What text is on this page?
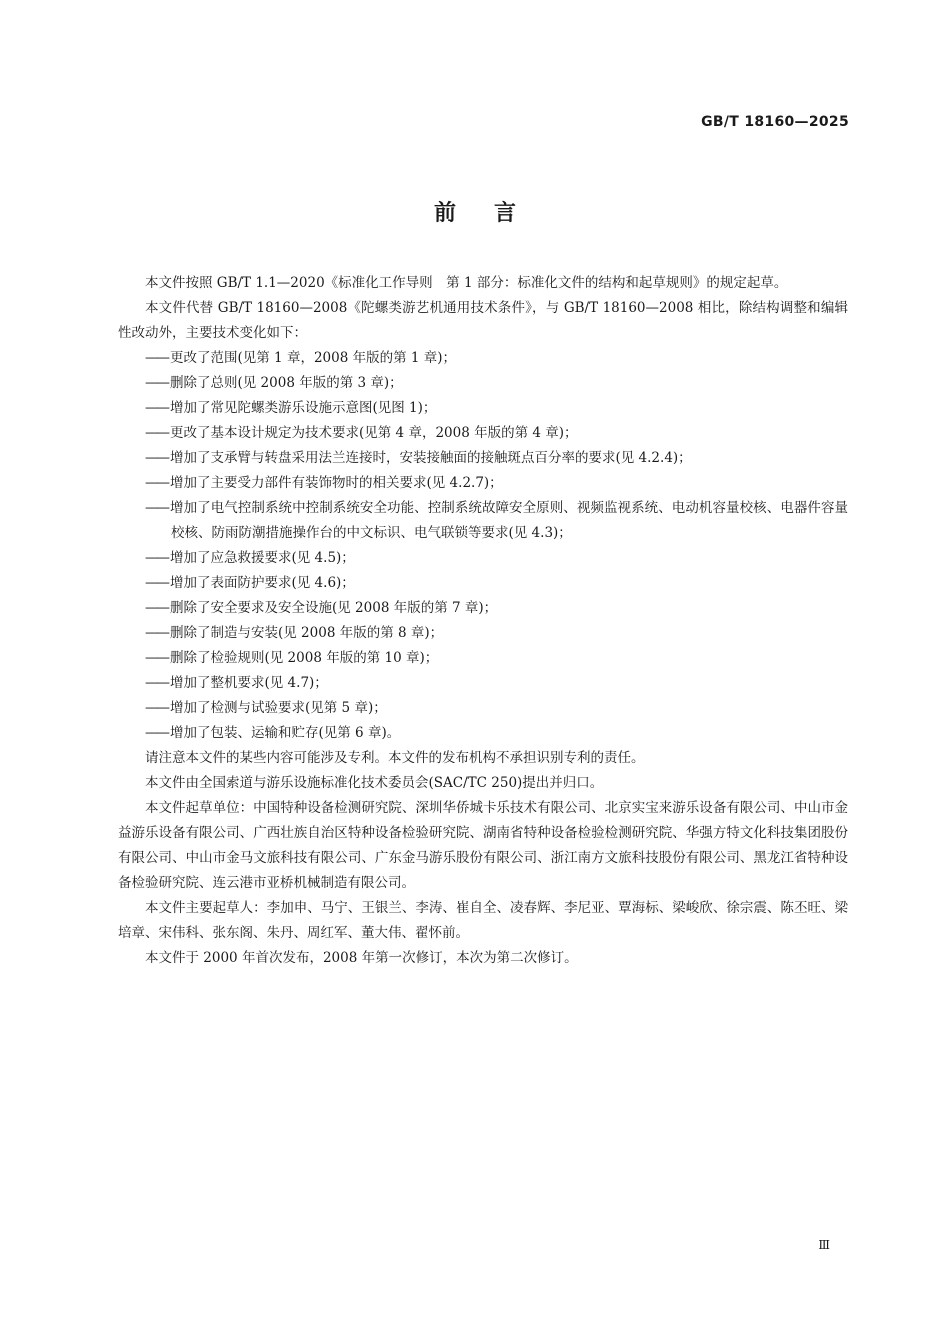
GB/T 18160—2025
前言

本文件按照 GB/T 1.1—2020《标准化工作导则　第 1 部分：标准化文件的结构和起草规则》的规定起草。

本文件代替 GB/T 18160—2008《陀螺类游艺机通用技术条件》，与 GB/T 18160—2008 相比，除结构调整和编辑性改动外，主要技术变化如下：

—— 更改了范围(见第 1 章，2008 年版的第 1 章)；

—— 删除了总则(见 2008 年版的第 3 章)；

—— 增加了常见陀螺类游乐设施示意图(见图 1)；

—— 更改了基本设计规定为技术要求(见第 4 章，2008 年版的第 4 章)；

—— 增加了支承臂与转盘采用法兰连接时，安装接触面的接触斑点百分率的要求(见 4.2.4)；

—— 增加了主要受力部件有装饰物时的相关要求(见 4.2.7)；

—— 增加了电气控制系统中控制系统安全功能、控制系统故障安全原则、视频监视系统、电动机容量校核、电器件容量校核、防雨防潮措施操作台的中文标识、电气联锁等要求(见 4.3)；

—— 增加了应急救援要求(见 4.5)；

—— 增加了表面防护要求(见 4.6)；

—— 删除了安全要求及安全设施(见 2008 年版的第 7 章)；

—— 删除了制造与安装(见 2008 年版的第 8 章)；

—— 删除了检验规则(见 2008 年版的第 10 章)；

—— 增加了整机要求(见 4.7)；

—— 增加了检测与试验要求(见第 5 章)；

—— 增加了包装、运输和贮存(见第 6 章)。

请注意本文件的某些内容可能涉及专利。本文件的发布机构不承担识别专利的责任。

本文件由全国索道与游乐设施标准化技术委员会(SAC/TC 250)提出并归口。

本文件起草单位：中国特种设备检测研究院、深圳华侨城卡乐技术有限公司、北京实宝来游乐设备有限公司、中山市金益游乐设备有限公司、广西壮族自治区特种设备检验研究院、湖南省特种设备检验检测研究院、华强方特文化科技集团股份有限公司、中山市金马文旅科技有限公司、广东金马游乐股份有限公司、浙江南方文旅科技股份有限公司、黑龙江省特种设备检验研究院、连云港市亚桥机械制造有限公司。

本文件主要起草人：李加申、马宁、王银兰、李涛、崔自全、凌春辉、李尼亚、覃海标、梁峻欣、徐宗震、陈丕旺、梁培章、宋伟科、张东阁、朱丹、周红军、董大伟、翟怀前。

本文件于 2000 年首次发布，2008 年第一次修订，本次为第二次修订。

Ⅲ
